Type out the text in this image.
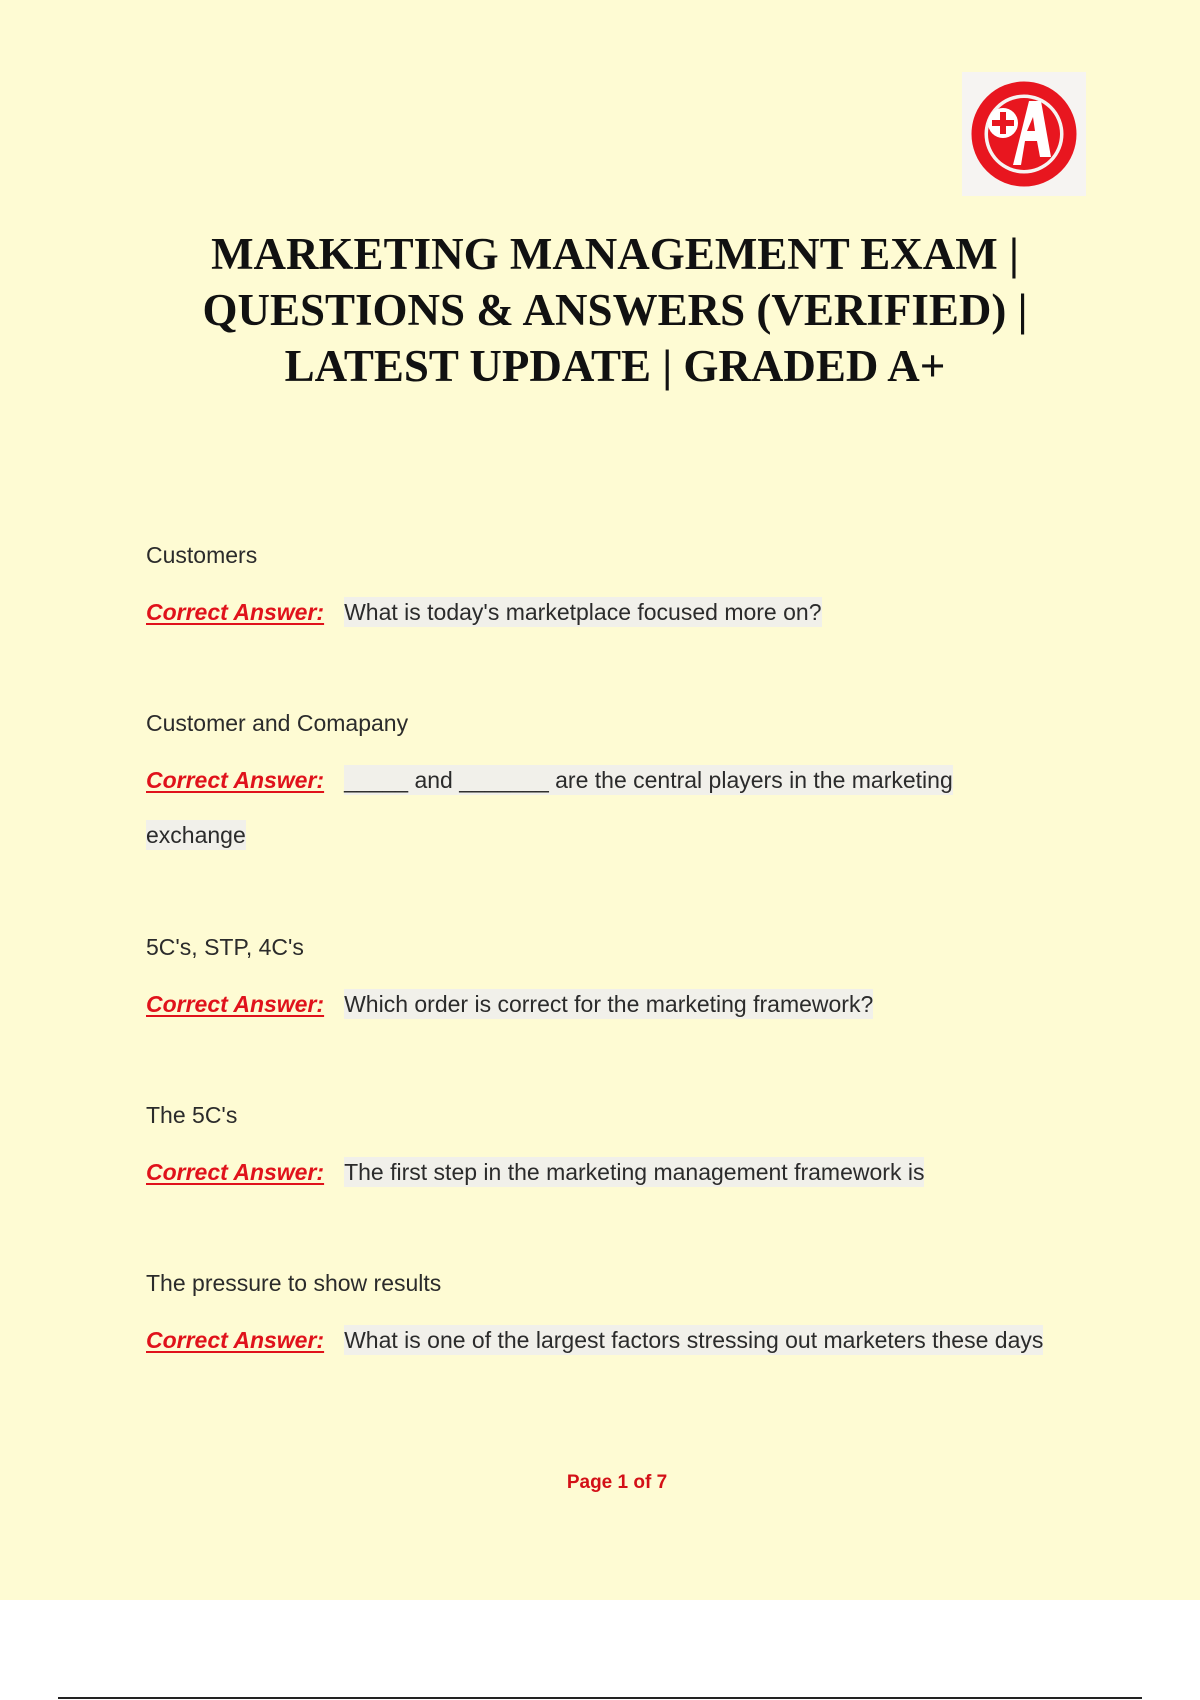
MARKETING MANAGEMENT EXAM | QUESTIONS & ANSWERS (VERIFIED) | LATEST UPDATE | GRADED A+
Customers
Correct Answer: What is today's marketplace focused more on?
Customer and Comapany
Correct Answer: _____ and _______ are the central players in the marketing exchange
5C's, STP, 4C's
Correct Answer: Which order is correct for the marketing framework?
The 5C's
Correct Answer: The first step in the marketing management framework is
The pressure to show results
Correct Answer: What is one of the largest factors stressing out marketers these days
Page 1 of 7
